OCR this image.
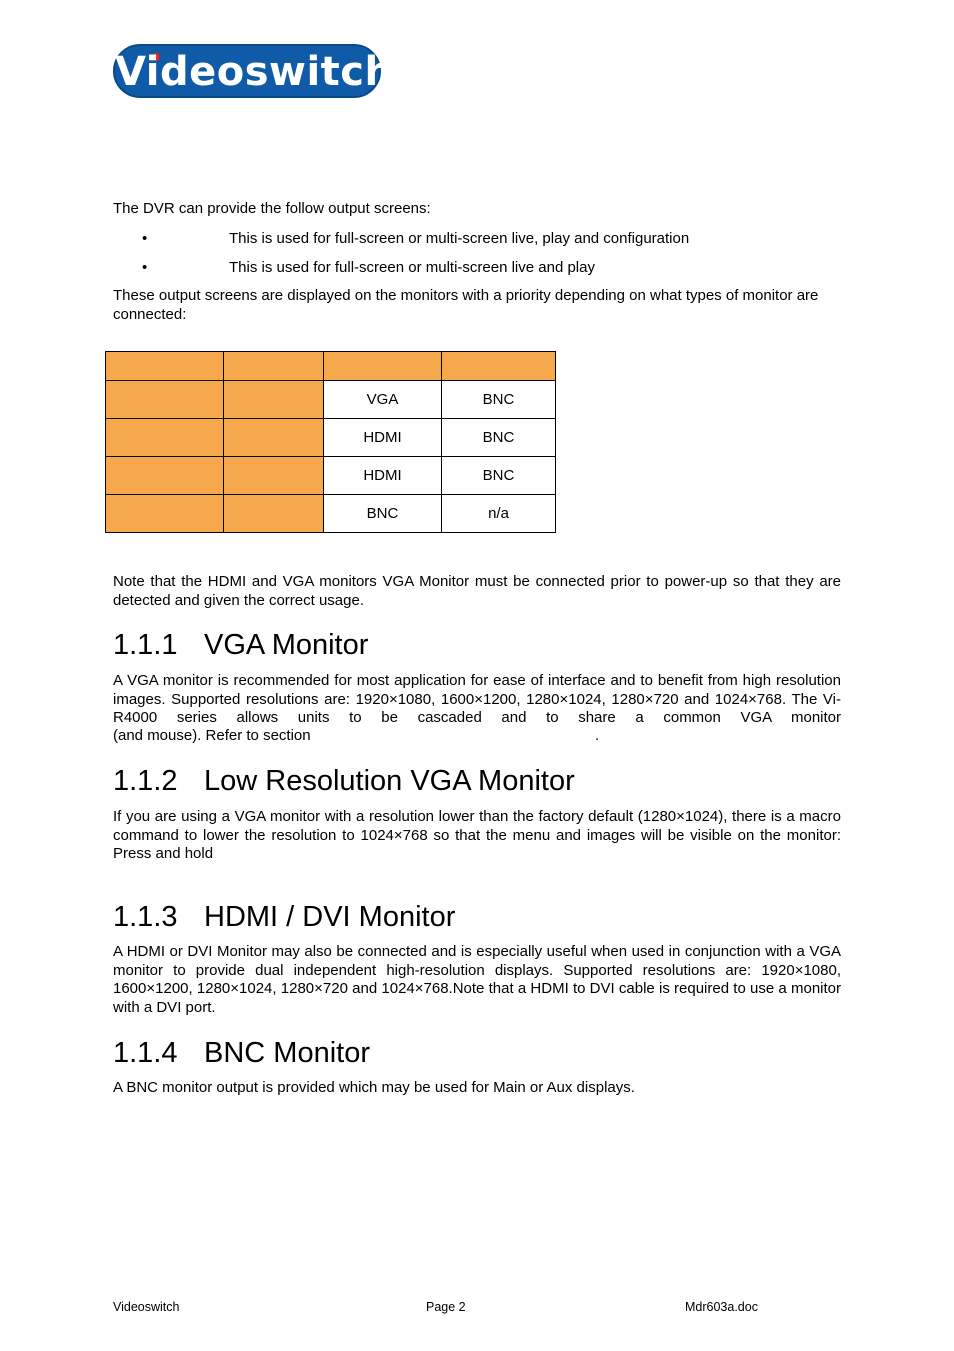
Videoswitch
The DVR can provide the follow output screens:
•	This is used for full-screen or multi-screen live, play and configuration
•	This is used for full-screen or multi-screen live and play
These output screens are displayed on the monitors with a priority depending on what types of monitor are connected:

		VGA	BNC
		HDMI	BNC
		HDMI	BNC
		BNC	n/a
Note that the HDMI and VGA monitors VGA Monitor must be connected prior to power-up so that they are detected and given the correct usage.
1.1.1 VGA Monitor
A VGA monitor is recommended for most application for ease of interface and to benefit from high resolution images. Supported resolutions are: 1920×1080, 1600×1200, 1280×1024, 1280×720 and 1024×768. The Vi-R4000 series allows units to be cascaded and to share a common VGA monitor
(and mouse). Refer to section	.
1.1.2 Low Resolution VGA Monitor
If you are using a VGA monitor with a resolution lower than the factory default (1280×1024), there is a macro command to lower the resolution to 1024×768 so that the menu and images will be visible on the monitor: Press and hold
1.1.3 HDMI / DVI Monitor
A HDMI or DVI Monitor may also be connected and is especially useful when used in conjunction with a VGA monitor to provide dual independent high-resolution displays. Supported resolutions are: 1920×1080, 1600×1200, 1280×1024, 1280×720 and 1024×768.Note that a HDMI to DVI cable is required to use a monitor with a DVI port.
1.1.4 BNC Monitor
A BNC monitor output is provided which may be used for Main or Aux displays.
Videoswitch	Page 2	Mdr603a.doc
